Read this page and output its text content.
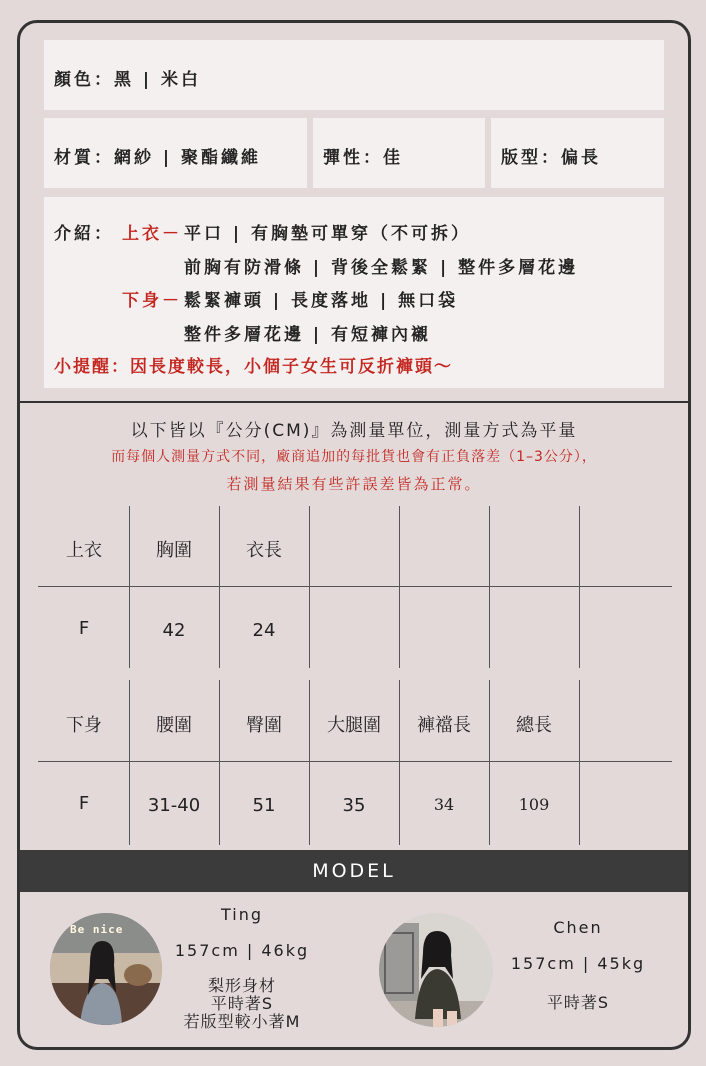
顏色：黑 | 米白
材質：網紗 | 聚酯纖維	彈性：佳	版型：偏長
介紹： 上衣－ 平口 | 有胸墊可單穿（不可拆）
前胸有防滑條 | 背後全鬆緊 | 整件多層花邊
下身－ 鬆緊褲頭 | 長度落地 | 無口袋
整件多層花邊 | 有短褲內襯
小提醒：因長度較長，小個子女生可反折褲頭～
以下皆以『公分(CM)』為測量單位，測量方式為平量
而每個人測量方式不同，廠商追加的每批貨也會有正負落差（1–3公分），
若測量結果有些許誤差皆為正常。
上衣	胸圍	衣長
F	42	24
下身	腰圍	臀圍	大腿圍	褲襠長	總長
F	31-40	51	35	34	109
MODEL
Be nice
Ting
157cm | 46kg
梨形身材
平時著S
若版型較小著M
Chen
157cm | 45kg
平時著S
